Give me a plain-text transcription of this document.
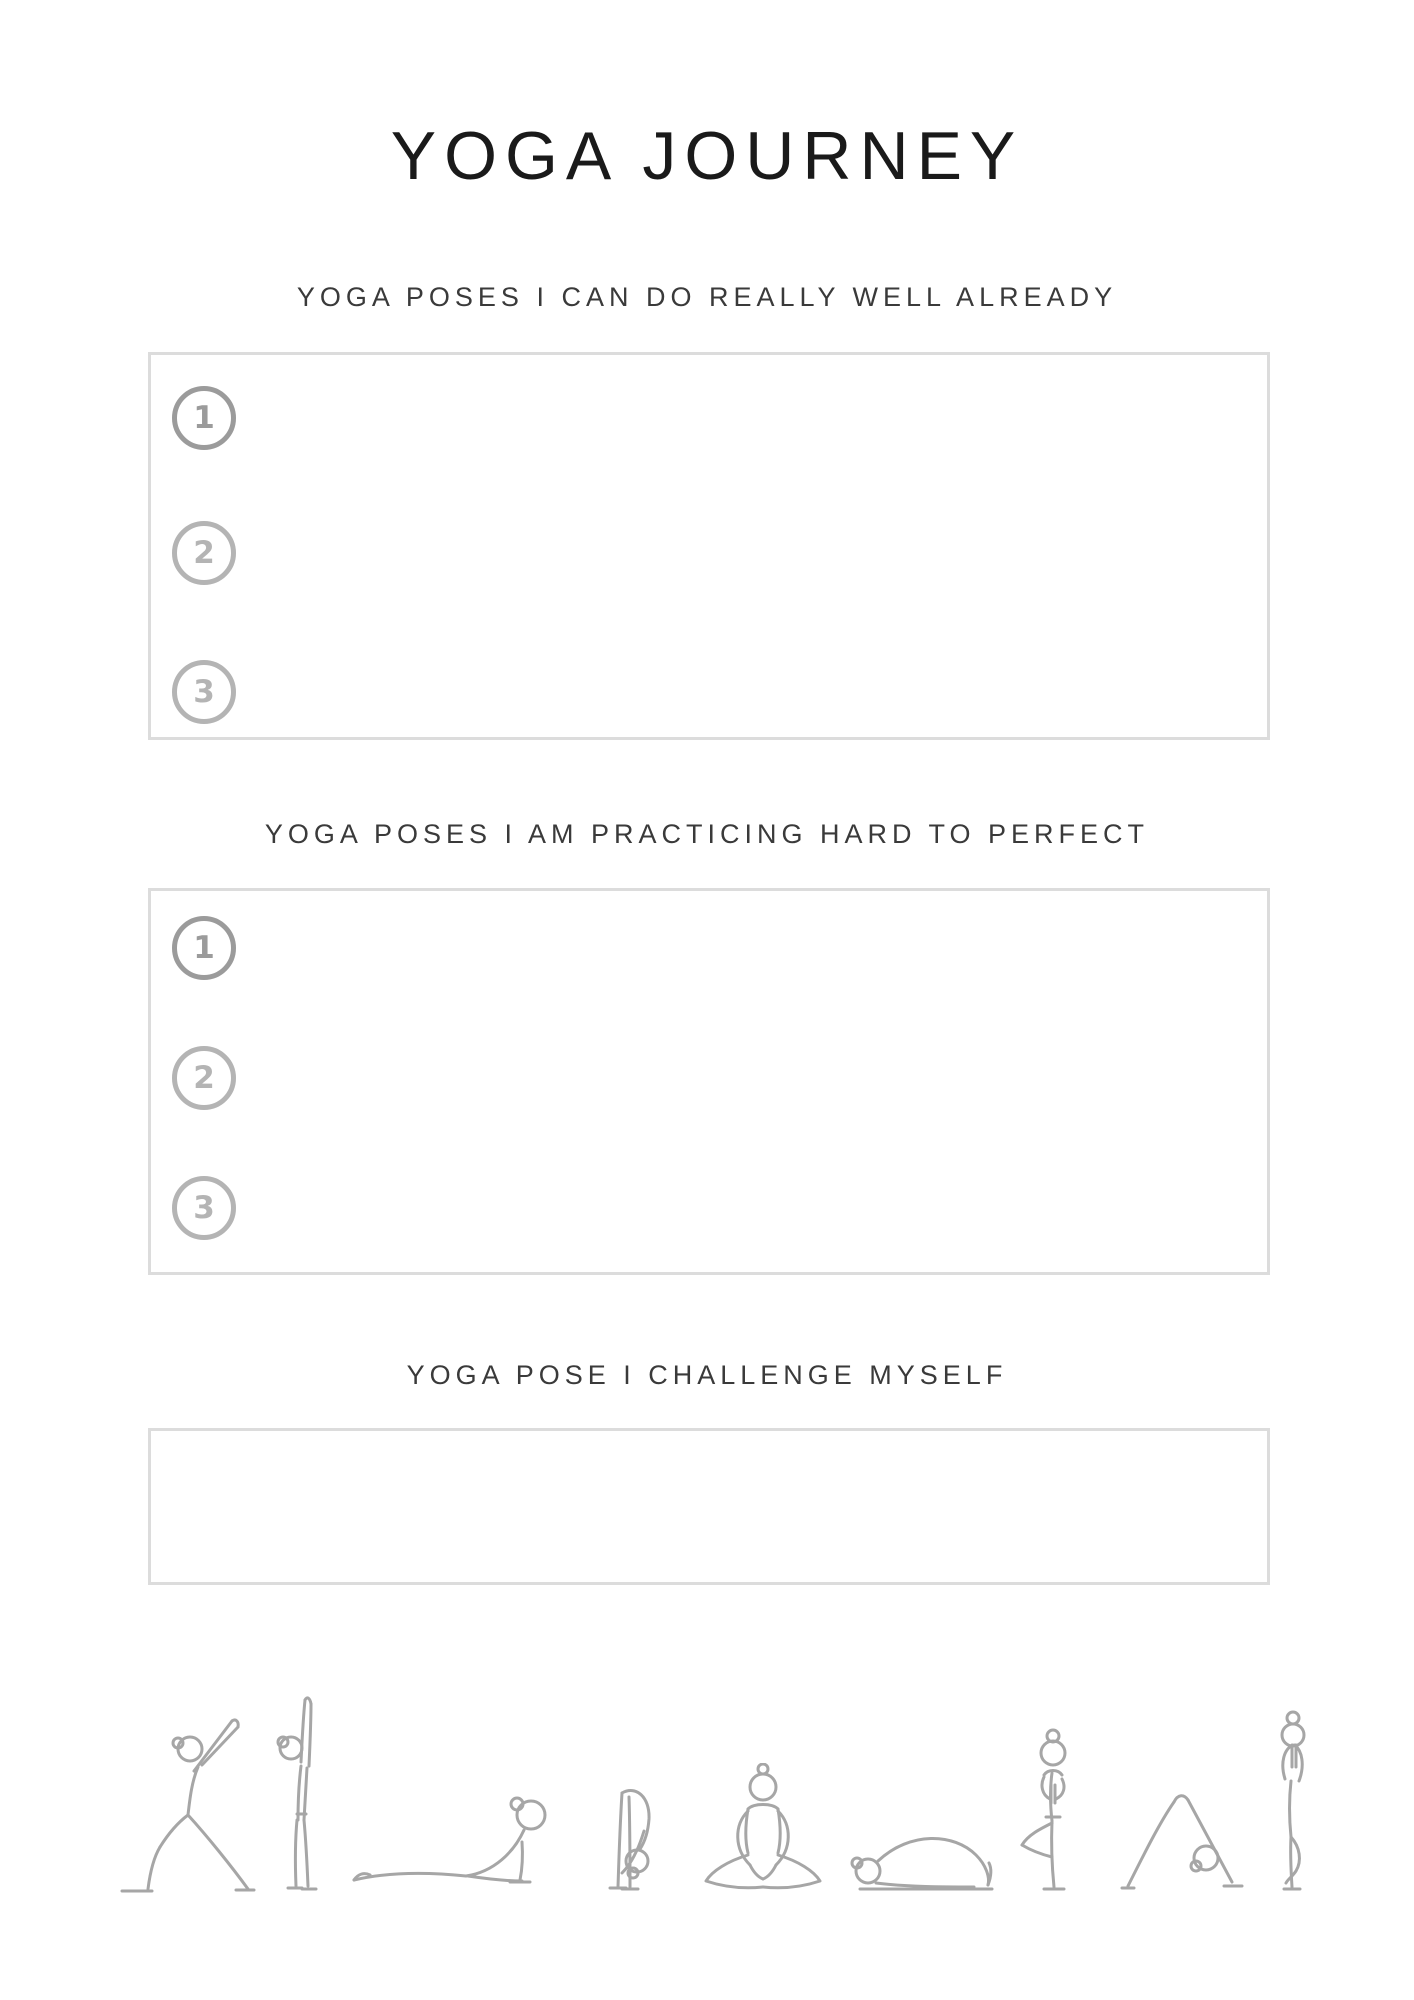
YOGA JOURNEY
YOGA POSES I CAN DO REALLY WELL ALREADY
1
2
3
YOGA POSES I AM PRACTICING HARD TO PERFECT
1
2
3
YOGA POSE I CHALLENGE MYSELF
